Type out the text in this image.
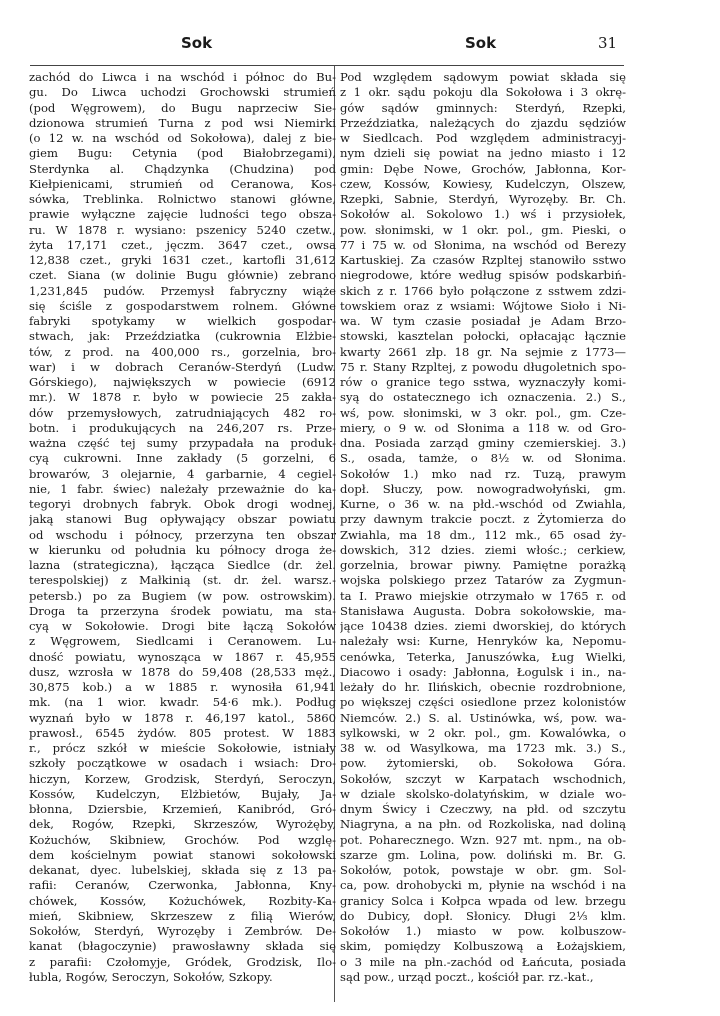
Sok	Sok	31
zachód do Liwca i na wschód i północ do Bu-
gu. Do Liwca uchodzi Grochowski strumień
(pod Węgrowem), do Bugu naprzeciw Sie-
dzionowa strumień Turna z pod wsi Niemirki
(o 12 w. na wschód od Sokołowa), dalej z bie-
giem Bugu: Cetynia (pod Białobrzegami),
Sterdynka al. Chądzynka (Chudzina) pod
Kiełpienicami, strumień od Ceranowa, Kos-
sówka, Treblinka. Rolnictwo stanowi główne,
prawie wyłączne zajęcie ludności tego obsza-
ru. W 1878 r. wysiano: pszenicy 5240 czetw.,
żyta 17,171 czet., jęczm. 3647 czet., owsa
12,838 czet., gryki 1631 czet., kartofli 31,612
czet. Siana (w dolinie Bugu głównie) zebrano
1,231,845 pudów. Przemysł fabryczny wiąże
się ściśle z gospodarstwem rolnem. Główne
fabryki spotykamy w wielkich gospodar-
stwach, jak: Przeździatka (cukrownia Elżbie-
tów, z prod. na 400,000 rs., gorzelnia, bro-
war) i w dobrach Ceranów-Sterdyń (Ludw.
Górskiego), największych w powiecie (6912
mr.). W 1878 r. było w powiecie 25 zakła-
dów przemysłowych, zatrudniających 482 ro-
botn. i produkujących na 246,207 rs. Prze-
ważna część tej sumy przypadała na produk-
cyą cukrowni. Inne zakłady (5 gorzelni, 6
browarów, 3 olejarnie, 4 garbarnie, 4 cegiel-
nie, 1 fabr. świec) należały przeważnie do ka-
tegoryi drobnych fabryk. Obok drogi wodnej,
jaką stanowi Bug opływający obszar powiatu
od wschodu i północy, przerzyna ten obszar
w kierunku od południa ku północy droga że-
lazna (strategiczna), łącząca Siedlce (dr. żel.
terespolskiej) z Małkinią (st. dr. żel. warsz.-
petersb.) po za Bugiem (w pow. ostrowskim).
Droga ta przerzyna środek powiatu, ma sta-
cyą w Sokołowie. Drogi bite łączą Sokołów
z Węgrowem, Siedlcami i Ceranowem. Lu-
dność powiatu, wynosząca w 1867 r. 45,955
dusz, wzrosła w 1878 do 59,408 (28,533 męż.,
30,875 kob.) a w 1885 r. wynosiła 61,941
mk. (na 1 wior. kwadr. 54·6 mk.). Podług
wyznań było w 1878 r. 46,197 katol., 5860
prawosł., 6545 żydów. 805 protest. W 1883
r., prócz szkół w mieście Sokołowie, istniały
szkoły początkowe w osadach i wsiach: Dro-
hiczyn, Korzew, Grodzisk, Sterdyń, Seroczyn,
Kossów, Kudelczyn, Elżbietów, Bujały, Ja-
błonna, Dziersbie, Krzemień, Kanibród, Gró-
dek, Rogów, Rzepki, Skrzeszów, Wyrożęby,
Kożuchów, Skibniew, Grochów. Pod wzglę-
dem kościelnym powiat stanowi sokołowski
dekanat, dyec. lubelskiej, składa się z 13 pa-
rafii: Ceranów, Czerwonka, Jabłonna, Kny-
chówek, Kossów, Kożuchówek, Rozbity-Ka-
mień, Skibniew, Skrzeszew z filią Wierów,
Sokołów, Sterdyń, Wyrozęby i Zembrów. De-
kanat (błagoczynie) prawosławny składa się
z parafii: Czołomyje, Gródek, Grodzisk, Ilo-
łubla, Rogów, Seroczyn, Sokołów, Szkopy.
Pod względem sądowym powiat składa się
z 1 okr. sądu pokoju dla Sokołowa i 3 okrę-
gów sądów gminnych: Sterdyń, Rzepki,
Przeździatka, należących do zjazdu sędziów
w Siedlcach. Pod względem administracyj-
nym dzieli się powiat na jedno miasto i 12
gmin: Dębe Nowe, Grochów, Jabłonna, Kor-
czew, Kossów, Kowiesy, Kudelczyn, Olszew,
Rzepki, Sabnie, Sterdyń, Wyrozęby. Br. Ch.
Sokołów al. Sokolowo 1.) wś i przysiołek,
pow. słonimski, w 1 okr. pol., gm. Pieski, o
77 i 75 w. od Słonima, na wschód od Berezy
Kartuskiej. Za czasów Rzpltej stanowiło sstwo
niegrodowe, które według spisów podskarbiń-
skich z r. 1766 było połączone z sstwem zdzi-
towskiem oraz z wsiami: Wójtowe Sioło i Ni-
wa. W tym czasie posiadał je Adam Brzo-
stowski, kasztelan połocki, opłacając łącznie
kwarty 2661 złp. 18 gr. Na sejmie z 1773—
75 r. Stany Rzpltej, z powodu długoletnich spo-
rów o granice tego sstwa, wyznaczyły komi-
syą do ostatecznego ich oznaczenia. 2.) S.,
wś, pow. słonimski, w 3 okr. pol., gm. Cze-
miery, o 9 w. od Słonima a 118 w. od Gro-
dna. Posiada zarząd gminy czemierskiej. 3.)
S., osada, tamże, o 8½ w. od Słonima.
Sokołów 1.) mko nad rz. Tuzą, prawym
dopł. Słuczy, pow. nowogradwołyński, gm.
Kurne, o 36 w. na płd.-wschód od Zwiahla,
przy dawnym trakcie poczt. z Żytomierza do
Zwiahla, ma 18 dm., 112 mk., 65 osad ży-
dowskich, 312 dzies. ziemi włośc.; cerkiew,
gorzelnia, browar piwny. Pamiętne porażką
wojska polskiego przez Tatarów za Zygmun-
ta I. Prawo miejskie otrzymało w 1765 r. od
Stanisława Augusta. Dobra sokołowskie, ma-
jące 10438 dzies. ziemi dworskiej, do których
należały wsi: Kurne, Henryków ka, Nepomu-
cenówka, Teterka, Januszówka, Ług Wielki,
Diacowo i osady: Jabłonna, Łogulsk i in., na-
leżały do hr. Ilińskich, obecnie rozdrobnione,
po większej części osiedlone przez kolonistów
Niemców. 2.) S. al. Ustinówka, wś, pow. wa-
sylkowski, w 2 okr. pol., gm. Kowalówka, o
38 w. od Wasylkowa, ma 1723 mk. 3.) S.,
pow. żytomierski, ob. Sokołowa Góra.
Sokołów, szczyt w Karpatach wschodnich,
w dziale skolsko-dolatyńskim, w dziale wo-
dnym Świcy i Czeczwy, na płd. od szczytu
Niagryna, a na płn. od Rozkoliska, nad doliną
pot. Poharecznego. Wzn. 927 mt. npm., na ob-
szarze gm. Lolina, pow. doliński m. Br. G.
Sokołów, potok, powstaje w obr. gm. Sol-
ca, pow. drohobycki m, płynie na wschód i na
granicy Solca i Kołpca wpada od lew. brzegu
do Dubicy, dopł. Słonicy. Długi 2⅓ klm.
Sokołów 1.) miasto w pow. kolbuszow-
skim, pomiędzy Kolbuszową a Łożajskiem,
o 3 mile na płn.-zachód od Łańcuta, posiada
sąd pow., urząd poczt., kościół par. rz.-kat.,
